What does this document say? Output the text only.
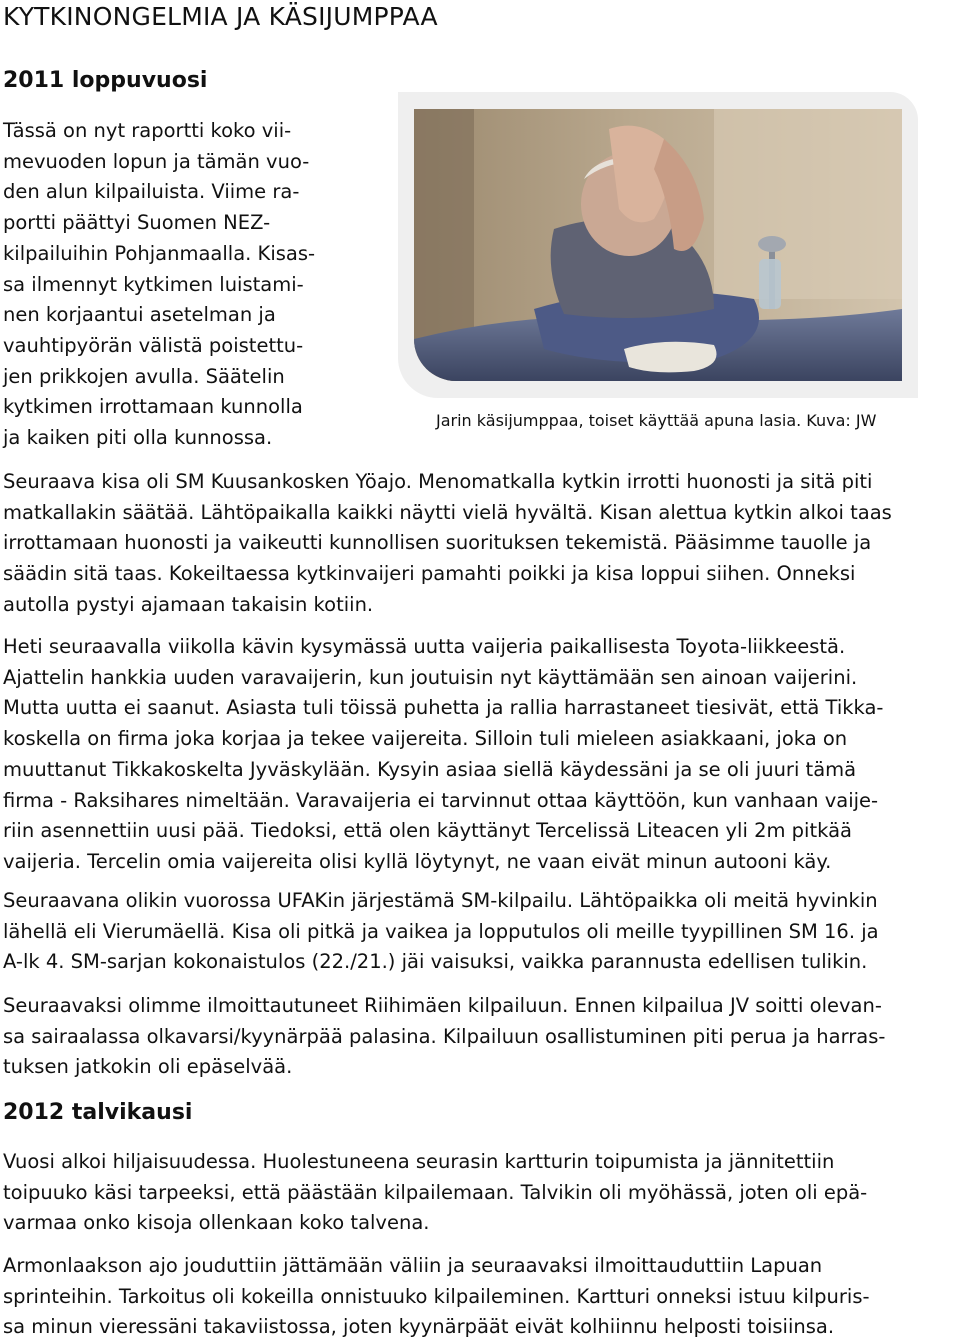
KYTKINONGELMIA JA KÄSIJUMPPAA
2011 loppuvuosi

Tässä on nyt raportti koko vii-
mevuoden lopun ja tämän vuo-
den alun kilpailuista. Viime ra-
portti päättyi Suomen NEZ-
kilpailuihin Pohjanmaalla. Kisas-
sa ilmennyt kytkimen luistami-
nen korjaantui asetelman ja
vauhtipyörän välistä poistettu-
jen prikkojen avulla. Säätelin
kytkimen irrottamaan kunnolla
ja kaiken piti olla kunnossa.

Jarin käsijumppaa, toiset käyttää apuna lasia. Kuva: JW

Seuraava kisa oli SM Kuusankosken Yöajo. Menomatkalla kytkin irrotti huonosti ja sitä piti
matkallakin säätää. Lähtöpaikalla kaikki näytti vielä hyvältä. Kisan alettua kytkin alkoi taas
irrottamaan huonosti ja vaikeutti kunnollisen suorituksen tekemistä. Pääsimme tauolle ja
säädin sitä taas. Kokeiltaessa kytkinvaijeri pamahti poikki ja kisa loppui siihen. Onneksi
autolla pystyi ajamaan takaisin kotiin.

Heti seuraavalla viikolla kävin kysymässä uutta vaijeria paikallisesta Toyota-liikkeestä.
Ajattelin hankkia uuden varavaijerin, kun joutuisin nyt käyttämään sen ainoan vaijerini.
Mutta uutta ei saanut. Asiasta tuli töissä puhetta ja rallia harrastaneet tiesivät, että Tikka-
koskella on firma joka korjaa ja tekee vaijereita. Silloin tuli mieleen asiakkaani, joka on
muuttanut Tikkakoskelta Jyväskylään. Kysyin asiaa siellä käydessäni ja se oli juuri tämä
firma - Raksihares nimeltään. Varavaijeria ei tarvinnut ottaa käyttöön, kun vanhaan vaije-
riin asennettiin uusi pää. Tiedoksi, että olen käyttänyt Tercelissä Liteacen yli 2m pitkää
vaijeria. Tercelin omia vaijereita olisi kyllä löytynyt, ne vaan eivät minun autooni käy.

Seuraavana olikin vuorossa UFAKin järjestämä SM-kilpailu. Lähtöpaikka oli meitä hyvinkin
lähellä eli Vierumäellä. Kisa oli pitkä ja vaikea ja lopputulos oli meille tyypillinen SM 16. ja
A-lk 4. SM-sarjan kokonaistulos (22./21.) jäi vaisuksi, vaikka parannusta edellisen tulikin.

Seuraavaksi olimme ilmoittautuneet Riihimäen kilpailuun. Ennen kilpailua JV soitti olevan-
sa sairaalassa olkavarsi/kyynärpää palasina. Kilpailuun osallistuminen piti perua ja harras-
tuksen jatkokin oli epäselvää.

2012 talvikausi

Vuosi alkoi hiljaisuudessa. Huolestuneena seurasin kartturin toipumista ja jännitettiin
toipuuko käsi tarpeeksi, että päästään kilpailemaan. Talvikin oli myöhässä, joten oli epä-
varmaa onko kisoja ollenkaan koko talvena.

Armonlaakson ajo jouduttiin jättämään väliin ja seuraavaksi ilmoittauduttiin Lapuan
sprinteihin. Tarkoitus oli kokeilla onnistuuko kilpaileminen. Kartturi onneksi istuu kilpuris-
sa minun vieressäni takaviistossa, joten kyynärpäät eivät kolhiinnu helposti toisiinsa.
